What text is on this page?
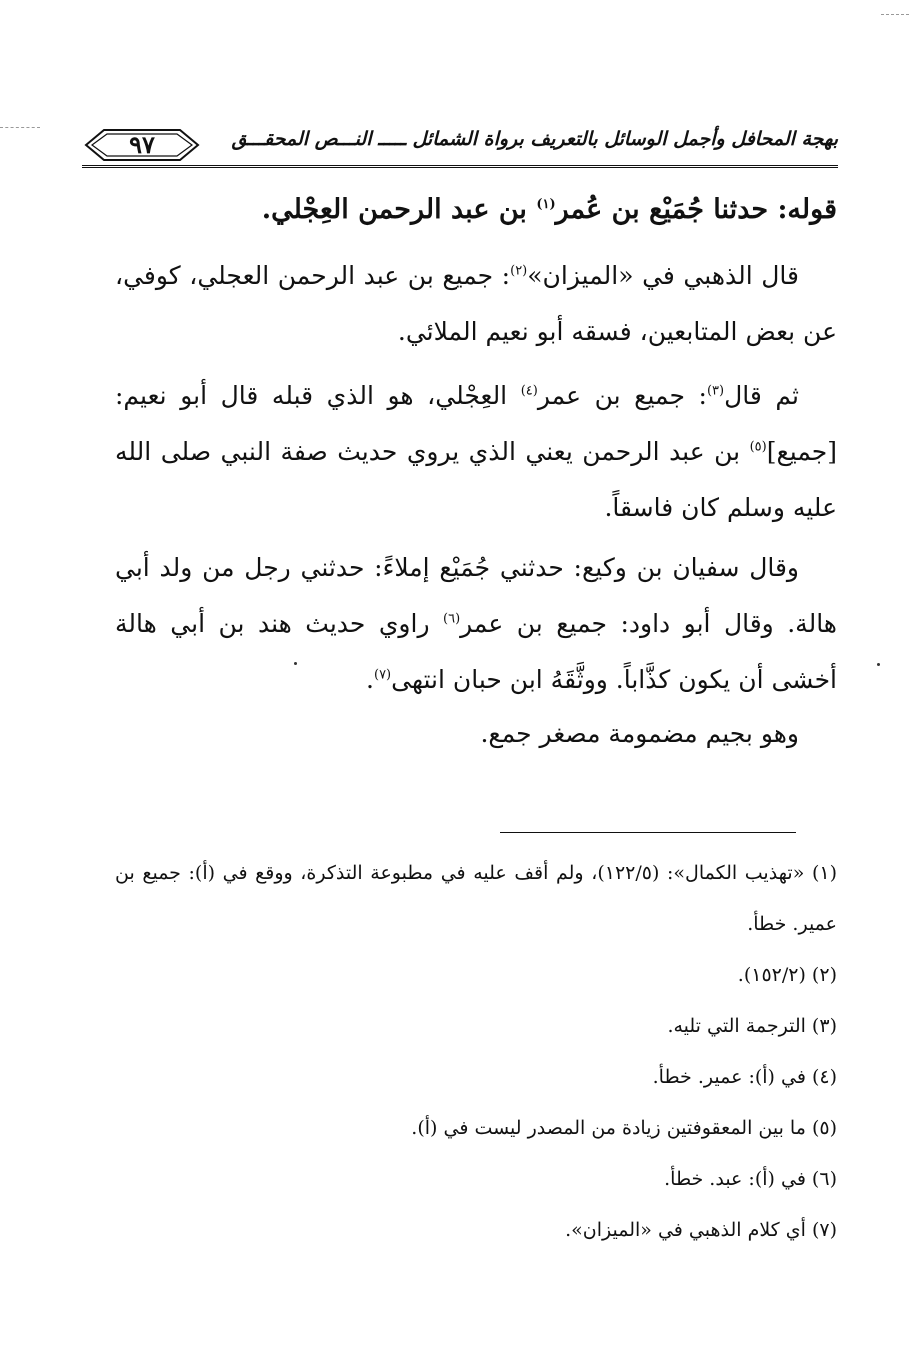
بهجة المحافل وأجمل الوسائل بالتعريف برواة الشمائل ـــــ النـــص المحقـــق
٩٧
قوله: حدثنا جُمَيْع بن عُمر$^{(١)}$ بن عبد الرحمن العِجْلي.

قال الذهبي في «الميزان»$^{(٢)}$: جميع بن عبد الرحمن العجلي، كوفي، عن بعض المتابعين، فسقه أبو نعيم الملائي.

ثم قال$^{(٣)}$: جميع بن عمر$^{(٤)}$ العِجْلي، هو الذي قبله قال أبو نعيم: [جميع]$^{(٥)}$ بن عبد الرحمن يعني الذي يروي حديث صفة النبي صلى الله عليه وسلم كان فاسقاً.

وقال سفيان بن وكيع: حدثني جُمَيْع إملاءً: حدثني رجل من ولد أبي هالة. وقال أبو داود: جميع بن عمر$^{(٦)}$ راوي حديث هند بن أبي هالة أخشى أن يكون كذَّاباً. ووثَّقَهُ ابن حبان انتهى$^{(٧)}$.

وهو بجيم مضمومة مصغر جمع.

(١) «تهذيب الكمال»: (١٢٢/٥)، ولم أقف عليه في مطبوعة التذكرة، ووقع في (أ): جميع بن عمير. خطأ.

(٢) (١٥٢/٢).

(٣) الترجمة التي تليه.

(٤) في (أ): عمير. خطأ.

(٥) ما بين المعقوفتين زيادة من المصدر ليست في (أ).

(٦) في (أ): عبد. خطأ.

(٧) أي كلام الذهبي في «الميزان».
